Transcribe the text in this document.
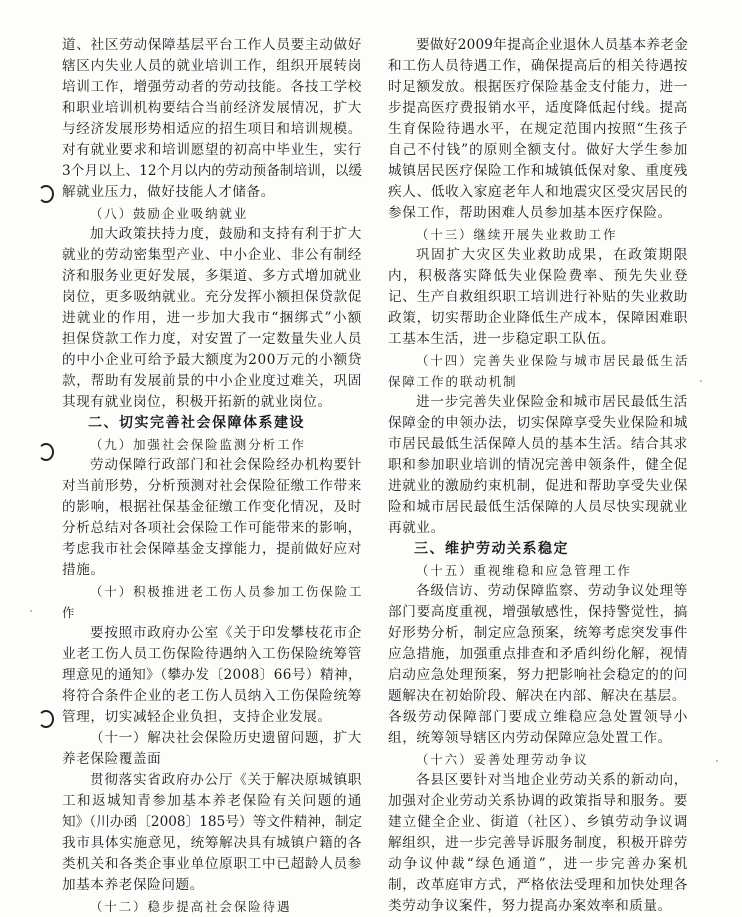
道、社区劳动保障基层平台工作人员要主动做好
辖区内失业人员的就业培训工作，组织开展转岗
培训工作，增强劳动者的劳动技能。各技工学校
和职业培训机构要结合当前经济发展情况，扩大
与经济发展形势相适应的招生项目和培训规模。
对有就业要求和培训愿望的初高中毕业生，实行
3个月以上、12个月以内的劳动预备制培训，以缓
解就业压力，做好技能人才储备。
（八）鼓励企业吸纳就业
加大政策扶持力度，鼓励和支持有利于扩大
就业的劳动密集型产业、中小企业、非公有制经
济和服务业更好发展，多渠道、多方式增加就业
岗位，更多吸纳就业。充分发挥小额担保贷款促
进就业的作用，进一步加大我市“捆绑式”小额
担保贷款工作力度，对安置了一定数量失业人员
的中小企业可给予最大额度为200万元的小额贷
款，帮助有发展前景的中小企业度过难关，巩固
其现有就业岗位，积极开拓新的就业岗位。
二、切实完善社会保障体系建设
（九）加强社会保险监测分析工作
劳动保障行政部门和社会保险经办机构要针
对当前形势，分析预测对社会保险征缴工作带来
的影响，根据社保基金征缴工作变化情况，及时
分析总结对各项社会保险工作可能带来的影响，
考虑我市社会保障基金支撑能力，提前做好应对
措施。
（十）积极推进老工伤人员参加工伤保险工
作
要按照市政府办公室《关于印发攀枝花市企
业老工伤人员工伤保险待遇纳入工伤保险统筹管
理意见的通知》（攀办发〔2008〕66号）精神，
将符合条件企业的老工伤人员纳入工伤保险统筹
管理，切实减轻企业负担，支持企业发展。
（十一）解决社会保险历史遗留问题，扩大
养老保险覆盖面
贯彻落实省政府办公厅《关于解决原城镇职
工和返城知青参加基本养老保险有关问题的通
知》（川办函〔2008〕185号）等文件精神，制定
我市具体实施意见，统筹解决具有城镇户籍的各
类机关和各类企事业单位原职工中已超龄人员参
加基本养老保险问题。
（十二）稳步提高社会保险待遇
要做好2009年提高企业退休人员基本养老金
和工伤人员待遇工作，确保提高后的相关待遇按
时足额发放。根据医疗保险基金支付能力，进一
步提高医疗费报销水平，适度降低起付线。提高
生育保险待遇水平，在规定范围内按照“生孩子
自己不付钱”的原则全额支付。做好大学生参加
城镇居民医疗保险工作和城镇低保对象、重度残
疾人、低收入家庭老年人和地震灾区受灾居民的
参保工作，帮助困难人员参加基本医疗保险。
（十三）继续开展失业救助工作
巩固扩大灾区失业救助成果，在政策期限
内，积极落实降低失业保险费率、预先失业登
记、生产自救组织职工培训进行补贴的失业救助
政策，切实帮助企业降低生产成本，保障困难职
工基本生活，进一步稳定职工队伍。
（十四）完善失业保险与城市居民最低生活
保障工作的联动机制
进一步完善失业保险金和城市居民最低生活
保障金的申领办法，切实保障享受失业保险和城
市居民最低生活保障人员的基本生活。结合其求
职和参加职业培训的情况完善申领条件，健全促
进就业的激励约束机制，促进和帮助享受失业保
险和城市居民最低生活保障的人员尽快实现就业
再就业。
三、维护劳动关系稳定
（十五）重视维稳和应急管理工作
各级信访、劳动保障监察、劳动争议处理等
部门要高度重视，增强敏感性，保持警觉性，搞
好形势分析，制定应急预案，统筹考虑突发事件
应急措施，加强重点排查和矛盾纠纷化解，视情
启动应急处理预案，努力把影响社会稳定的的问
题解决在初始阶段、解决在内部、解决在基层。
各级劳动保障部门要成立维稳应急处置领导小
组，统筹领导辖区内劳动保障应急处置工作。
（十六）妥善处理劳动争议
各县区要针对当地企业劳动关系的新动向，
加强对企业劳动关系协调的政策指导和服务。要
建立健全企业、街道（社区）、乡镇劳动争议调
解组织，进一步完善导诉服务制度，积极开辟劳
动争议仲裁“绿色通道”，进一步完善办案机
制，改革庭审方式，严格依法受理和加快处理各
类劳动争议案件，努力提高办案效率和质量。
